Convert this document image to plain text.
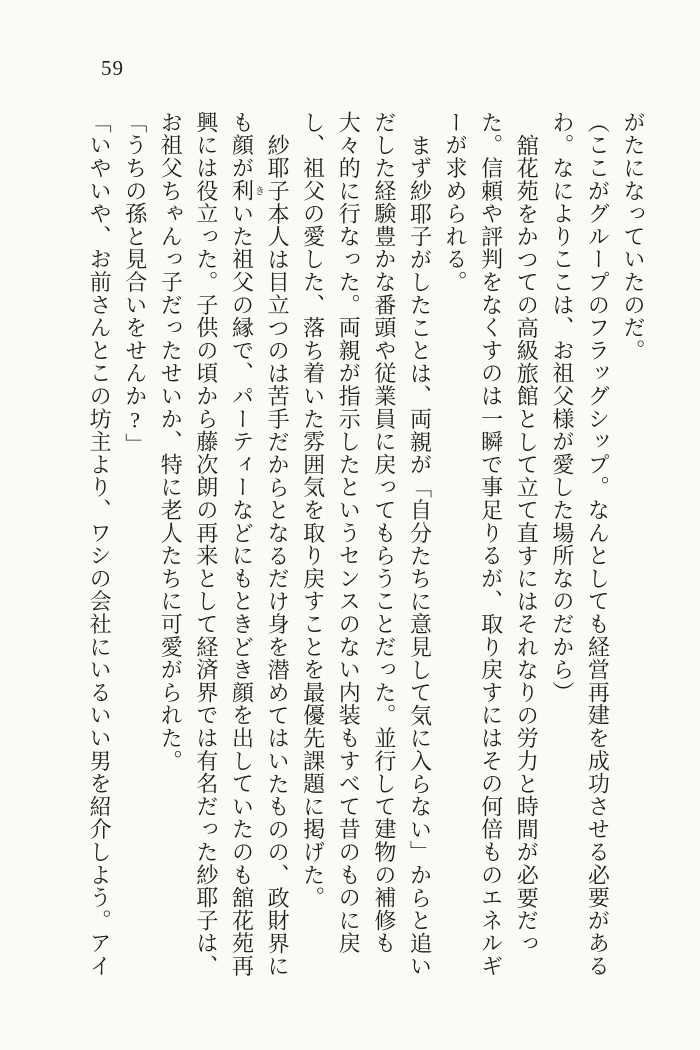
59

がたになっていたのだ。

（ここがグループのフラッグシップ。なんとしても経営再建を成功させる必要があるわ。なによりここは、お祖父様が愛した場所なのだから）

舘花苑をかつての高級旅館として立て直すにはそれなりの労力と時間が必要だった。信頼や評判をなくすのは一瞬で事足りるが、取り戻すにはその何倍ものエネルギーが求められる。

まず紗耶子がしたことは、両親が「自分たちに意見して気に入らない」からと追いだした経験豊かな番頭や従業員に戻ってもらうことだった。並行して建物の補修も大々的に行なった。両親が指示したというセンスのない内装もすべて昔のものに戻し、祖父の愛した、落ち着いた雰囲気を取り戻すことを最優先課題に掲げた。

紗耶子本人は目立つのは苦手だからとなるだけ身を潜めてはいたものの、政財界にも顔が利きいた祖父の縁で、パーティーなどにもときどき顔を出していたのも舘花苑再興には役立った。子供の頃から藤次朗の再来として経済界では有名だった紗耶子は、お祖父ちゃんっ子だったせいか、特に老人たちに可愛がられた。

「うちの孫と見合いをせんか?」

「いやいや、お前さんとこの坊主より、ワシの会社にいるいい男を紹介しよう。アイ
